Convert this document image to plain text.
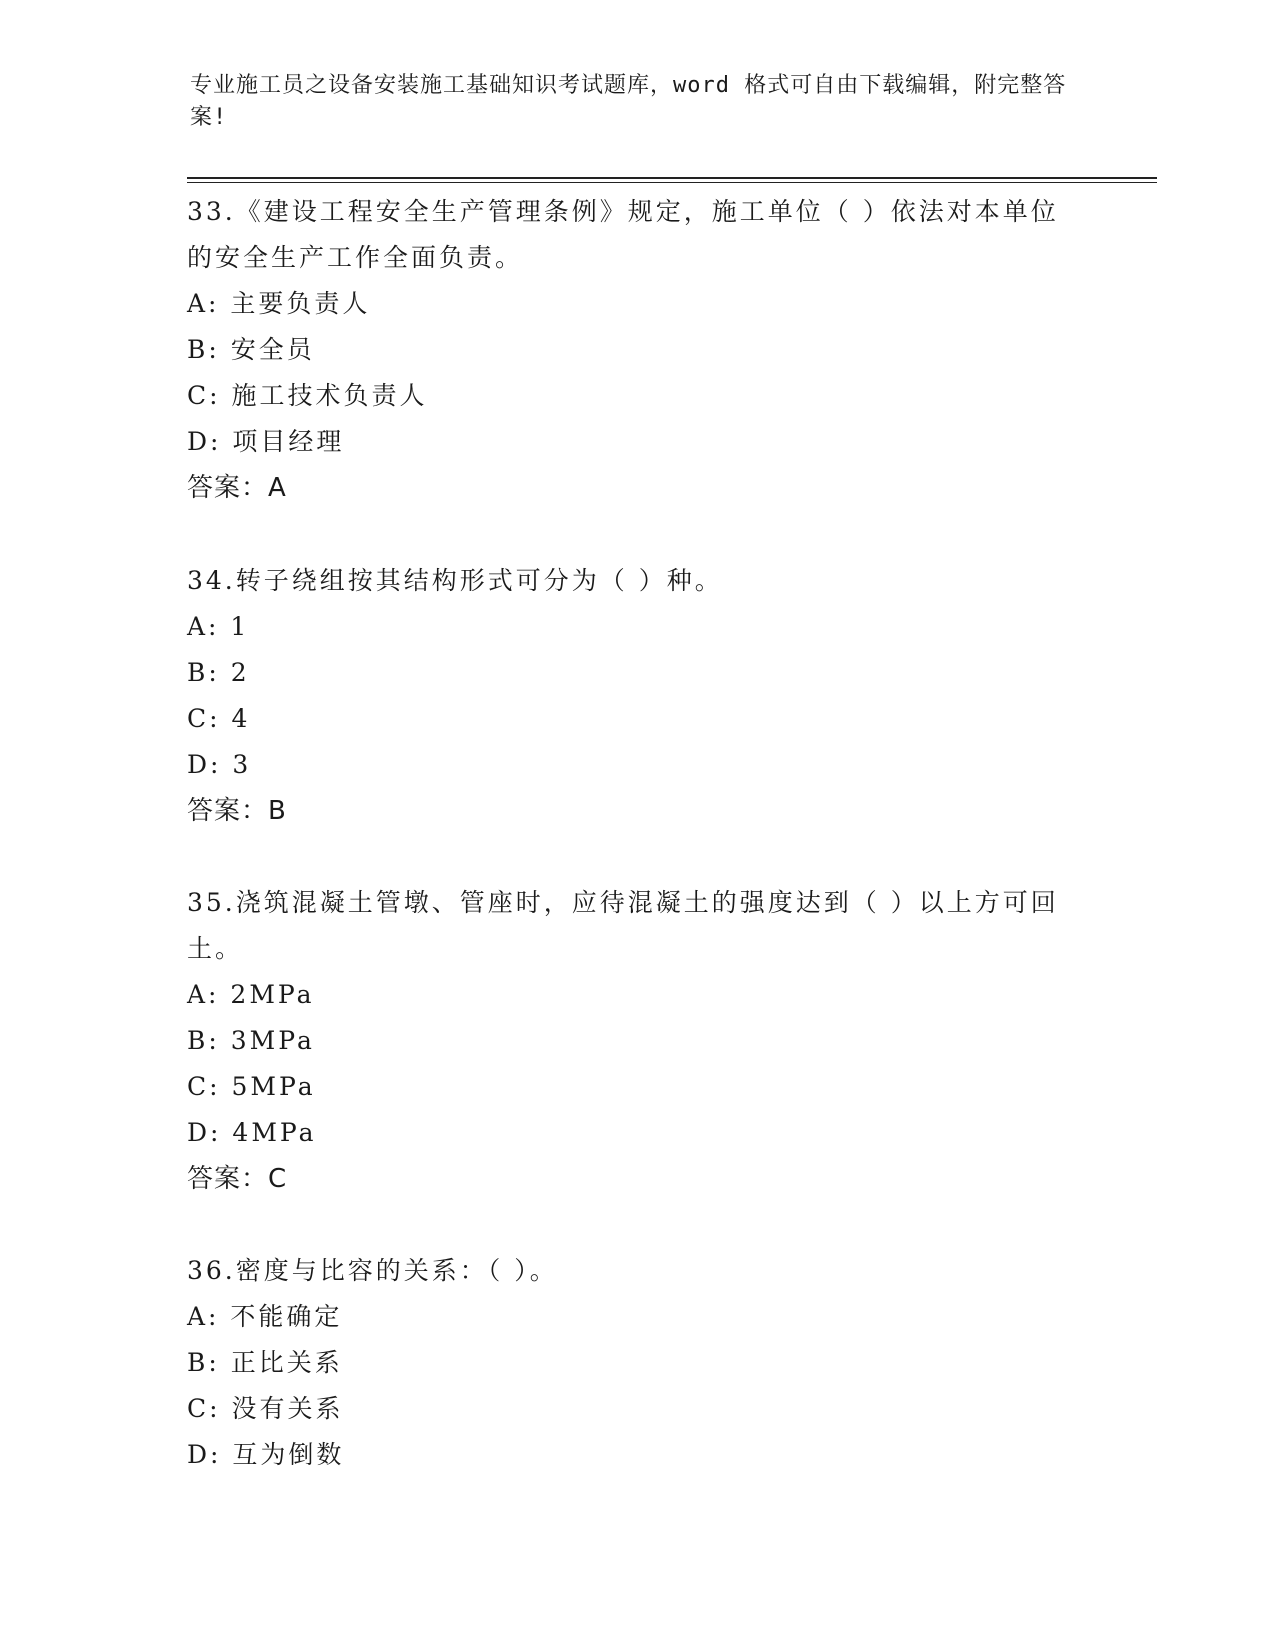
专业施工员之设备安装施工基础知识考试题库，word 格式可自由下载编辑，附完整答案!
33.《建设工程安全生产管理条例》规定，施工单位（ ）依法对本单位的安全生产工作全面负责。
A: 主要负责人
B: 安全员
C: 施工技术负责人
D: 项目经理
答案：A
34.转子绕组按其结构形式可分为（ ）种。
A: 1
B: 2
C: 4
D: 3
答案：B
35.浇筑混凝土管墩、管座时，应待混凝土的强度达到（ ）以上方可回土。
A: 2MPa
B: 3MPa
C: 5MPa
D: 4MPa
答案：C
36.密度与比容的关系：（ ）。
A: 不能确定
B: 正比关系
C: 没有关系
D: 互为倒数
